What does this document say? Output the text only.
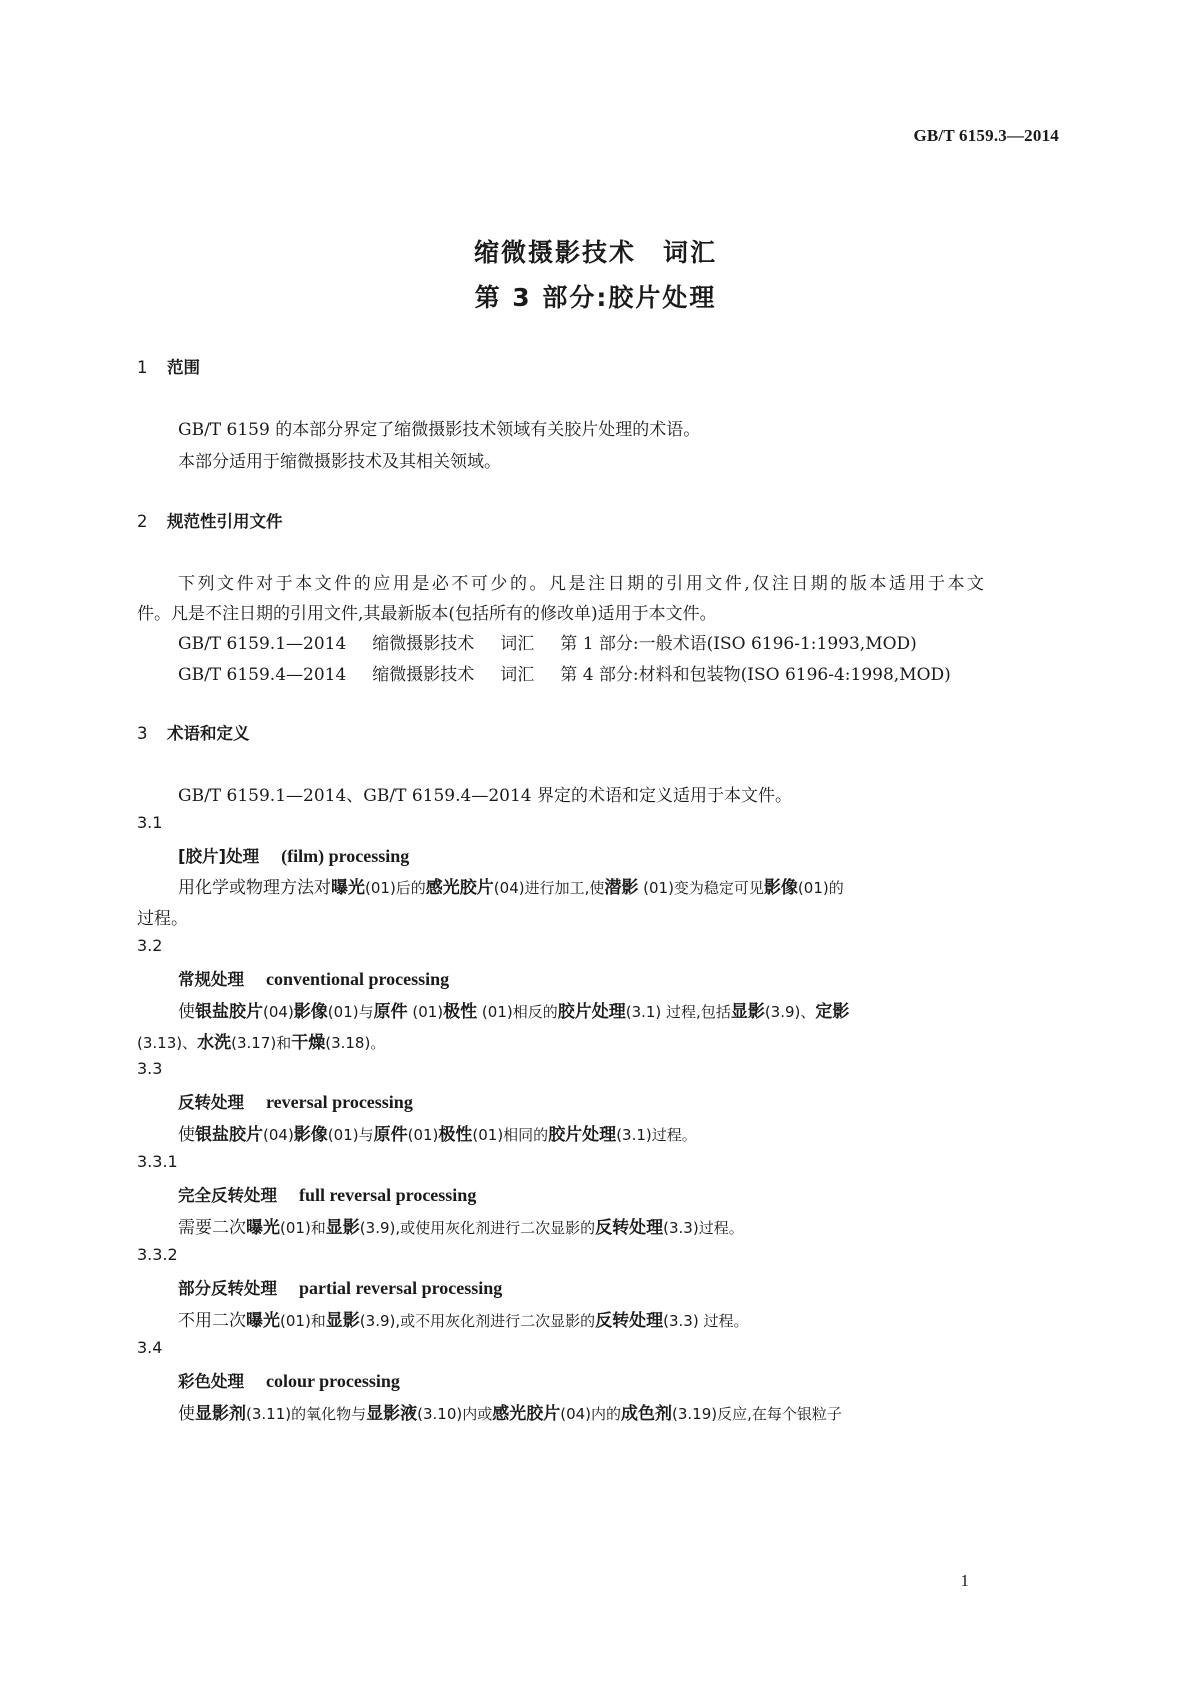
GB/T 6159.3—2014
缩微摄影技术　词汇
第 3 部分:胶片处理
1 范围
GB/T 6159 的本部分界定了缩微摄影技术领域有关胶片处理的术语。
本部分适用于缩微摄影技术及其相关领域。
2 规范性引用文件
下列文件对于本文件的应用是必不可少的。凡是注日期的引用文件,仅注日期的版本适用于本文
件。凡是不注日期的引用文件,其最新版本(包括所有的修改单)适用于本文件。
GB/T 6159.1—2014 缩微摄影技术 词汇 第 1 部分:一般术语(ISO 6196-1:1993,MOD)
GB/T 6159.4—2014 缩微摄影技术 词汇 第 4 部分:材料和包装物(ISO 6196-4:1998,MOD)
3 术语和定义
GB/T 6159.1—2014、GB/T 6159.4—2014 界定的术语和定义适用于本文件。
3.1
[胶片]处理 (film) processing
用化学或物理方法对曝光(01)后的感光胶片(04)进行加工,使潜影 (01)变为稳定可见影像(01)的
过程。
3.2
常规处理 conventional processing
使银盐胶片(04)影像(01)与原件 (01)极性 (01)相反的胶片处理(3.1) 过程,包括显影(3.9)、定影
(3.13)、水洗(3.17)和干燥(3.18)。
3.3
反转处理 reversal processing
使银盐胶片(04)影像(01)与原件(01)极性(01)相同的胶片处理(3.1)过程。
3.3.1
完全反转处理 full reversal processing
需要二次曝光(01)和显影(3.9),或使用灰化剂进行二次显影的反转处理(3.3)过程。
3.3.2
部分反转处理 partial reversal processing
不用二次曝光(01)和显影(3.9),或不用灰化剂进行二次显影的反转处理(3.3) 过程。
3.4
彩色处理 colour processing
使显影剂(3.11)的氧化物与显影液(3.10)内或感光胶片(04)内的成色剂(3.19)反应,在每个银粒子
1
